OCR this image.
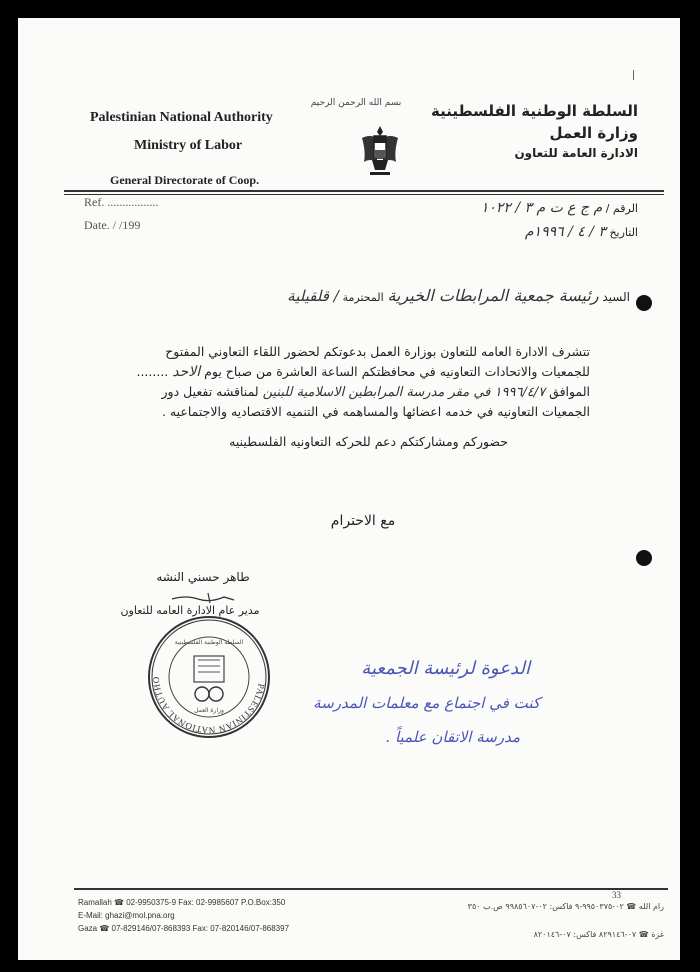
Palestinian National Authority
Ministry of Labor
General Directorate of Coop.
بسم الله الرحمن الرحيم	السلطة الوطنية الفلسطينية
وزارة العمل
الادارة العامة للتعاون
Ref. .................
Date. / /199
الرقم / م ج ع ت م ٣ / ١٠٢٢
التاريخ ٣ / ٤ / ١٩٩٦م
السيد رئيسة جمعية المرابطات الخيرية المحترمة / قلقيلية
تتشرف الادارة العامه للتعاون بوزارة العمل بدعوتكم لحضور اللقاء التعاوني المفتوح
للجمعيات والاتحادات التعاونيه في محافظتكم الساعة العاشرة من صباح يوم الاحد ........
الموافق ١٩٩٦/٤/٧ في مقر مدرسة المرابطين الاسلامية للبنين لمناقشه تفعيل دور
الجمعيات التعاونيه في خدمه اعضائها والمساهمه في التنميه الاقتصاديه والاجتماعيه .
حضوركم ومشاركتكم دعم للحركه التعاونيه الفلسطينيه
مع الاحترام
طاهر حسني النشه
مدير عام الادارة العامه للتعاون
PALESTINIAN NATIONAL AUTHO
السلطة الوطنية الفلسطينية
وزارة العمل
الدعوة لرئيسة الجمعية
كنت في اجتماع مع معلمات المدرسة
مدرسة الاتقان علمياً .
33
Ramallah ☎ 02-9950375-9 Fax: 02-9985607 P.O.Box:350
E-Mail: ghazi@mol.pna.org
Gaza ☎ 07-829146/07-868393 Fax: 07-820146/07-868397
رام الله ☎ ٠٢-٩٩٥٠٣٧٥-٩ فاكس: ٠٢-٩٩٨٥٦٠٧ ص.ب ٣٥٠
غزة ☎ ٠٧-٨٢٩١٤٦ فاكس: ٠٧-٨٢٠١٤٦
